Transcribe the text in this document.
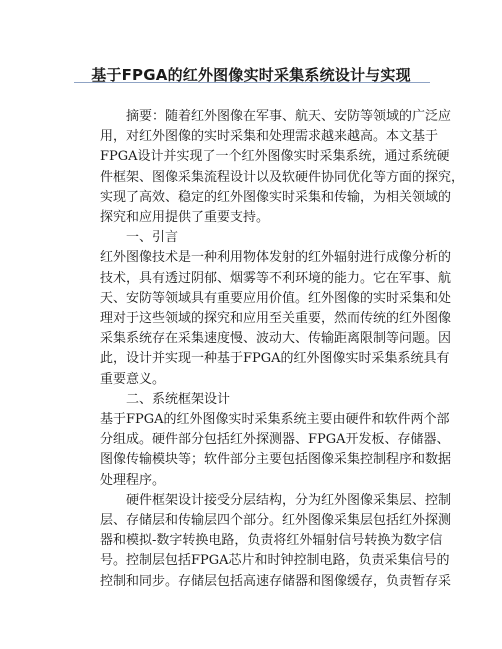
基于FPGA的红外图像实时采集系统设计与实现

摘要：随着红外图像在军事、航天、安防等领域的广泛应

用，对红外图像的实时采集和处理需求越来越高。本文基于

FPGA设计并实现了一个红外图像实时采集系统，通过系统硬

件框架、图像采集流程设计以及软硬件协同优化等方面的探究，

实现了高效、稳定的红外图像实时采集和传输，为相关领域的

探究和应用提供了重要支持。

一、引言

红外图像技术是一种利用物体发射的红外辐射进行成像分析的

技术，具有透过阴郁、烟雾等不利环境的能力。它在军事、航

天、安防等领域具有重要应用价值。红外图像的实时采集和处

理对于这些领域的探究和应用至关重要，然而传统的红外图像

采集系统存在采集速度慢、波动大、传输距离限制等问题。因

此，设计并实现一种基于FPGA的红外图像实时采集系统具有

重要意义。

二、系统框架设计

基于FPGA的红外图像实时采集系统主要由硬件和软件两个部

分组成。硬件部分包括红外探测器、FPGA开发板、存储器、

图像传输模块等；软件部分主要包括图像采集控制程序和数据

处理程序。

硬件框架设计接受分层结构，分为红外图像采集层、控制

层、存储层和传输层四个部分。红外图像采集层包括红外探测

器和模拟-数字转换电路，负责将红外辐射信号转换为数字信

号。控制层包括FPGA芯片和时钟控制电路，负责采集信号的

控制和同步。存储层包括高速存储器和图像缓存，负责暂存采
